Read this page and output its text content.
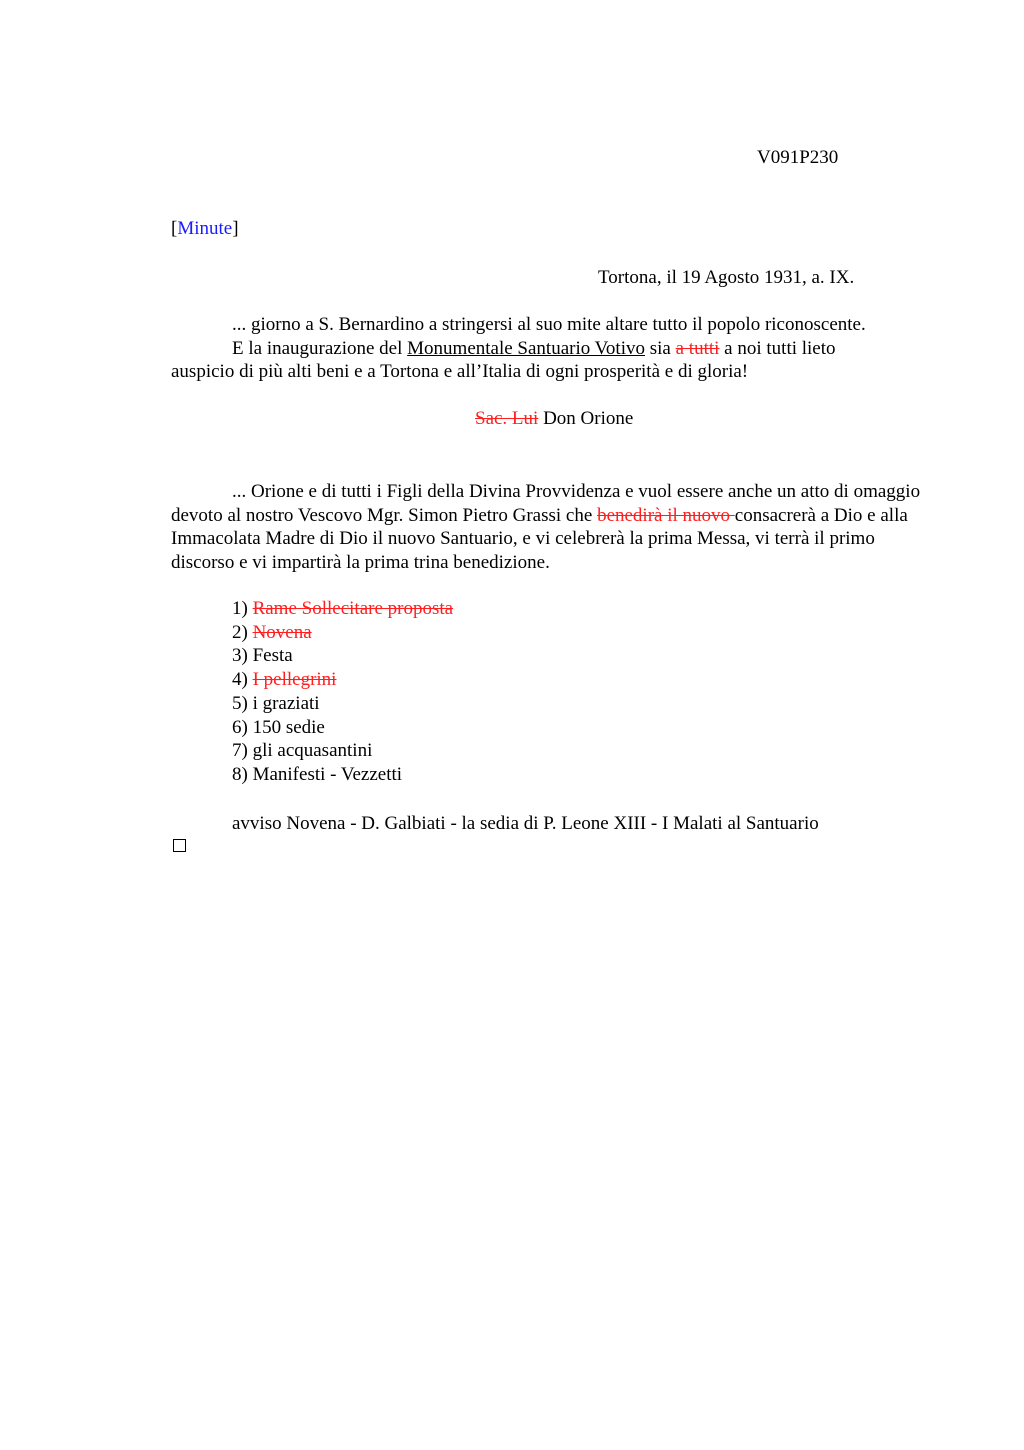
V091P230
[Minute]
Tortona, il 19 Agosto 1931, a. IX.
... giorno a S. Bernardino a stringersi al suo mite altare tutto il popolo riconoscente.
E la inaugurazione del Monumentale Santuario Votivo sia a tutti a noi tutti lieto
auspicio di più alti beni e a Tortona e all’Italia di ogni prosperità e di gloria!
Sac. Lui Don Orione
... Orione e di tutti i Figli della Divina Provvidenza e vuol essere anche un atto di omaggio devoto al nostro Vescovo Mgr. Simon Pietro Grassi che benedirà il nuovo consacrerà a Dio e alla Immacolata Madre di Dio il nuovo Santuario, e vi celebrerà la prima Messa, vi terrà il primo discorso e vi impartirà la prima trina benedizione.
1) Rame Sollecitare proposta
2) Novena
3) Festa
4) I pellegrini
5) i graziati
6) 150 sedie
7) gli acquasantini
8) Manifesti - Vezzetti
avviso Novena - D. Galbiati - la sedia di P. Leone XIII - I Malati al Santuario
